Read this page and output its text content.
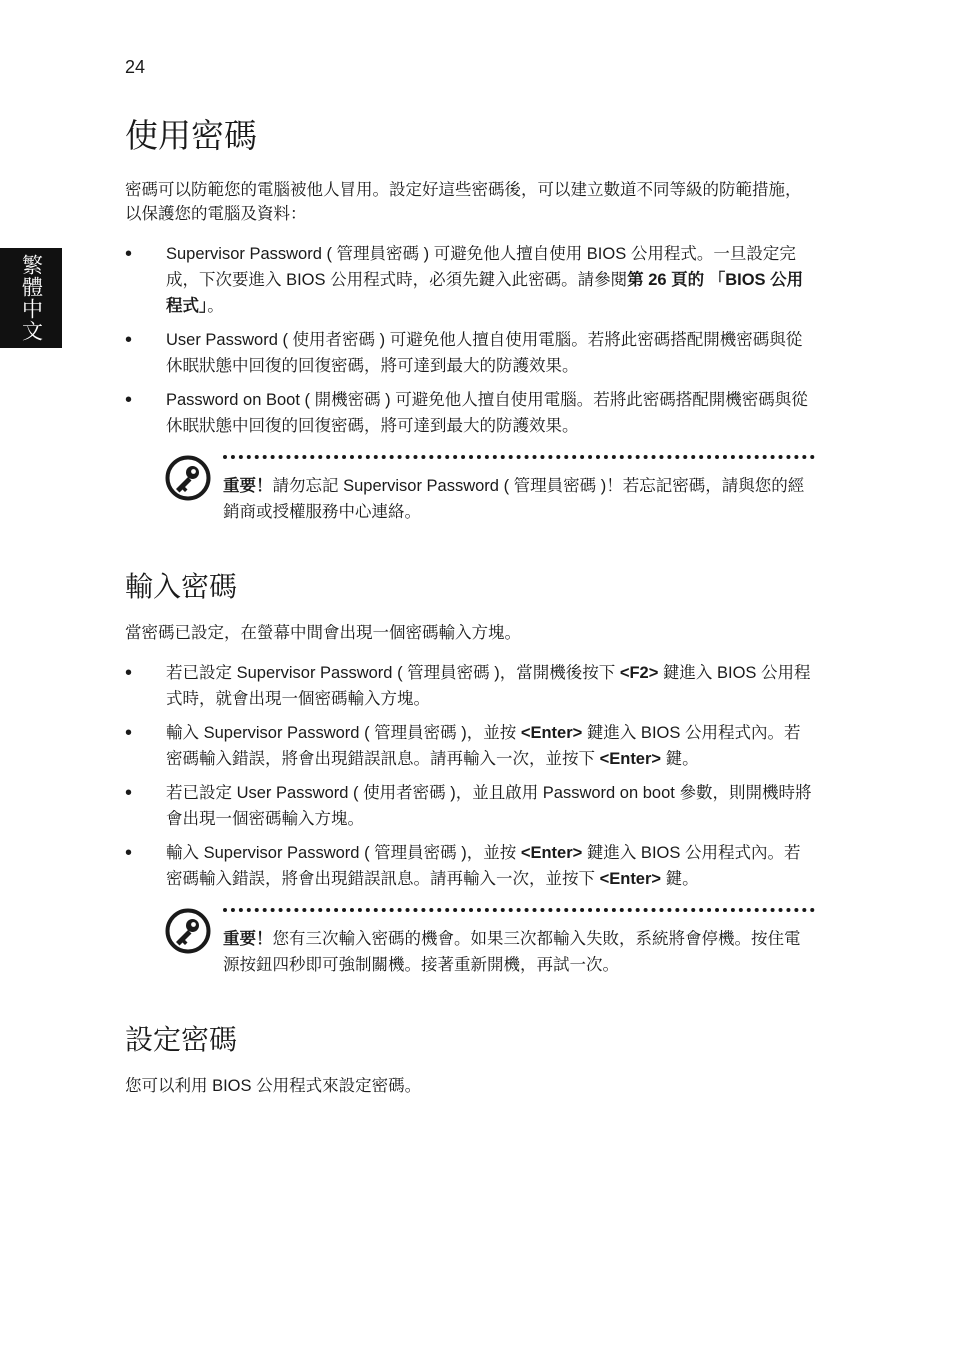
24
繁體中文
使用密碼

密碼可以防範您的電腦被他人冒用。設定好這些密碼後，可以建立數道不同等級的防範措施，以保護您的電腦及資料：

• Supervisor Password ( 管理員密碼 ) 可避免他人擅自使用 BIOS 公用程式。一旦設定完成，下次要進入 BIOS 公用程式時，必須先鍵入此密碼。請參閱第 26 頁的 「BIOS 公用程式」。
• User Password ( 使用者密碼 ) 可避免他人擅自使用電腦。若將此密碼搭配開機密碼與從休眠狀態中回復的回復密碼，將可達到最大的防護效果。
• Password on Boot ( 開機密碼 ) 可避免他人擅自使用電腦。若將此密碼搭配開機密碼與從休眠狀態中回復的回復密碼，將可達到最大的防護效果。

重要！請勿忘記 Supervisor Password ( 管理員密碼 )！若忘記密碼，請與您的經銷商或授權服務中心連絡。

輸入密碼

當密碼已設定，在螢幕中間會出現一個密碼輸入方塊。

• 若已設定 Supervisor Password ( 管理員密碼 )，當開機後按下 <F2> 鍵進入 BIOS 公用程式時，就會出現一個密碼輸入方塊。
• 輸入 Supervisor Password ( 管理員密碼 )，並按 <Enter> 鍵進入 BIOS 公用程式內。若密碼輸入錯誤，將會出現錯誤訊息。請再輸入一次，並按下 <Enter> 鍵。
• 若已設定 User Password ( 使用者密碼 )，並且啟用 Password on boot 參數，則開機時將會出現一個密碼輸入方塊。
• 輸入 Supervisor Password ( 管理員密碼 )，並按 <Enter> 鍵進入 BIOS 公用程式內。若密碼輸入錯誤，將會出現錯誤訊息。請再輸入一次，並按下 <Enter> 鍵。

重要！您有三次輸入密碼的機會。如果三次都輸入失敗，系統將會停機。按住電源按鈕四秒即可強制關機。接著重新開機，再試一次。

設定密碼

您可以利用 BIOS 公用程式來設定密碼。
